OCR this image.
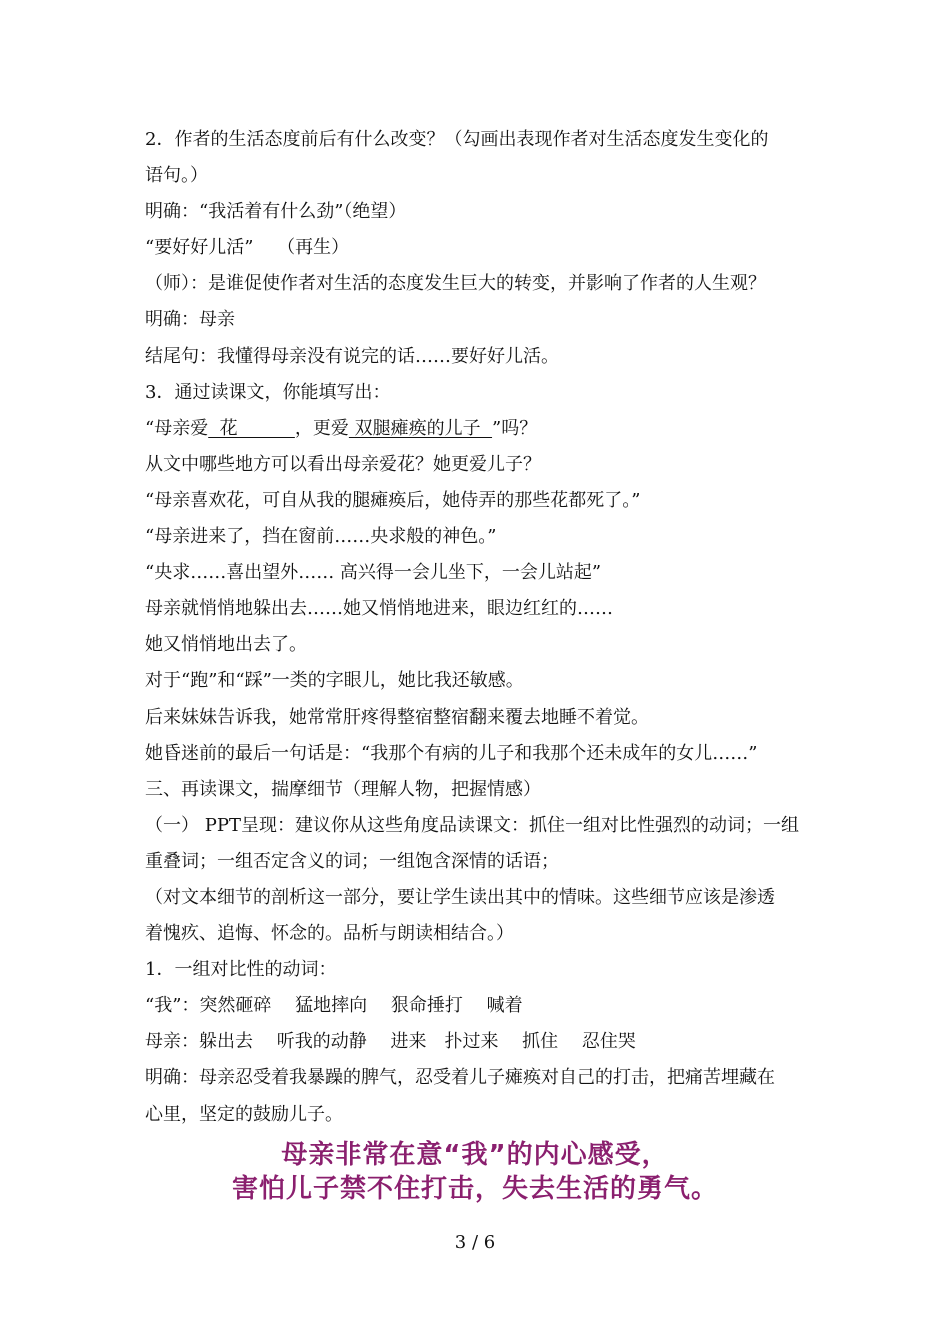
2．作者的生活态度前后有什么改变？（勾画出表现作者对生活态度发生变化的
语句。）
明确：“我活着有什么劲”（绝望）
“要好好儿活”　 （再生）
（师）：是谁促使作者对生活的态度发生巨大的转变，并影响了作者的人生观？
明确：母亲
结尾句：我懂得母亲没有说完的话……要好好儿活。
3．通过读课文，你能填写出：
“母亲爱  花          ，更爱 双腿瘫痪的儿子  ”吗？
从文中哪些地方可以看出母亲爱花？她更爱儿子？
“母亲喜欢花，可自从我的腿瘫痪后，她侍弄的那些花都死了。”
“母亲进来了，挡在窗前……央求般的神色。”
“央求……喜出望外…… 高兴得一会儿坐下，一会儿站起”
母亲就悄悄地躲出去……她又悄悄地进来，眼边红红的……
她又悄悄地出去了。
对于“跑”和“踩”一类的字眼儿，她比我还敏感。
后来妹妹告诉我，她常常肝疼得整宿整宿翻来覆去地睡不着觉。
她昏迷前的最后一句话是：“我那个有病的儿子和我那个还未成年的女儿……”
三、再读课文，揣摩细节（理解人物，把握情感）
（一） PPT呈现：建议你从这些角度品读课文：抓住一组对比性强烈的动词；一组
重叠词；一组否定含义的词；一组饱含深情的话语；
（对文本细节的剖析这一部分，要让学生读出其中的情味。这些细节应该是渗透
着愧疚、追悔、怀念的。品析与朗读相结合。）
1．一组对比性的动词：
“我”：突然砸碎　 猛地摔向　 狠命捶打　 喊着
母亲：躲出去　 听我的动静　 进来　扑过来　 抓住　 忍住哭
明确：母亲忍受着我暴躁的脾气，忍受着儿子瘫痪对自己的打击，把痛苦埋藏在
心里，坚定的鼓励儿子。
母亲非常在意“我”的内心感受，
害怕儿子禁不住打击，失去生活的勇气。
3 / 6
